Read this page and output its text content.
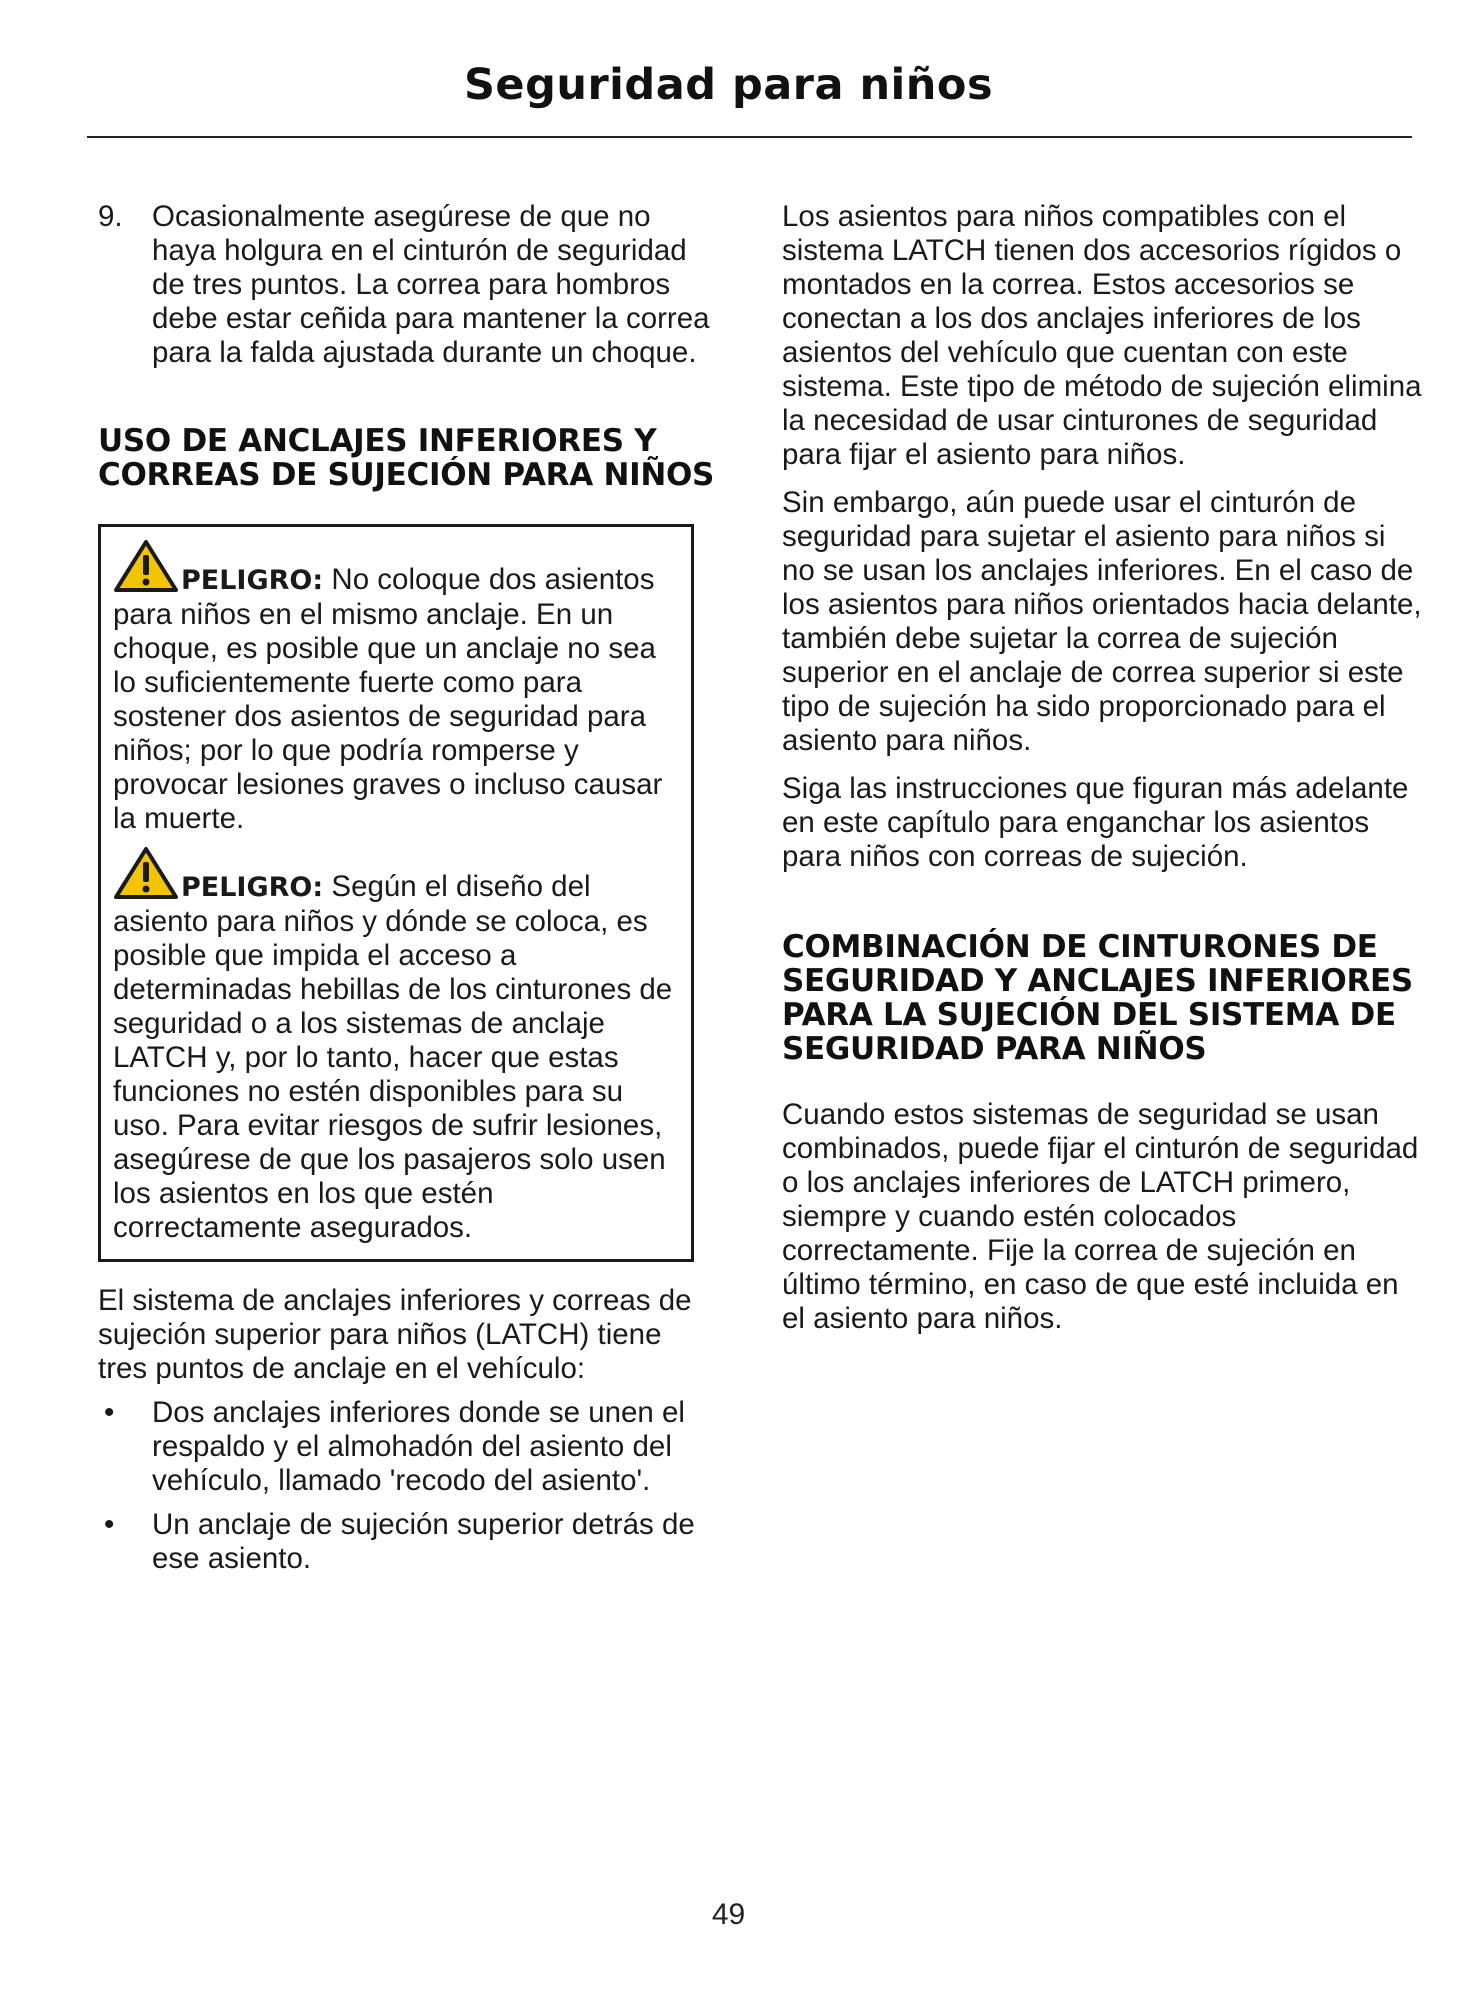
Seguridad para niños
9. Ocasionalmente asegúrese de que no haya holgura en el cinturón de seguridad de tres puntos. La correa para hombros debe estar ceñida para mantener la correa para la falda ajustada durante un choque.
USO DE ANCLAJES INFERIORES Y CORREAS DE SUJECIÓN PARA NIÑOS

PELIGRO: No coloque dos asientos para niños en el mismo anclaje. En un choque, es posible que un anclaje no sea lo suficientemente fuerte como para sostener dos asientos de seguridad para niños; por lo que podría romperse y provocar lesiones graves o incluso causar la muerte.

PELIGRO: Según el diseño del asiento para niños y dónde se coloca, es posible que impida el acceso a determinadas hebillas de los cinturones de seguridad o a los sistemas de anclaje LATCH y, por lo tanto, hacer que estas funciones no estén disponibles para su uso. Para evitar riesgos de sufrir lesiones, asegúrese de que los pasajeros solo usen los asientos en los que estén correctamente asegurados.

El sistema de anclajes inferiores y correas de sujeción superior para niños (LATCH) tiene tres puntos de anclaje en el vehículo:

• Dos anclajes inferiores donde se unen el respaldo y el almohadón del asiento del vehículo, llamado 'recodo del asiento'.
• Un anclaje de sujeción superior detrás de ese asiento.

Los asientos para niños compatibles con el sistema LATCH tienen dos accesorios rígidos o montados en la correa. Estos accesorios se conectan a los dos anclajes inferiores de los asientos del vehículo que cuentan con este sistema. Este tipo de método de sujeción elimina la necesidad de usar cinturones de seguridad para fijar el asiento para niños.

Sin embargo, aún puede usar el cinturón de seguridad para sujetar el asiento para niños si no se usan los anclajes inferiores. En el caso de los asientos para niños orientados hacia delante, también debe sujetar la correa de sujeción superior en el anclaje de correa superior si este tipo de sujeción ha sido proporcionado para el asiento para niños.

Siga las instrucciones que figuran más adelante en este capítulo para enganchar los asientos para niños con correas de sujeción.

COMBINACIÓN DE CINTURONES DE SEGURIDAD Y ANCLAJES INFERIORES PARA LA SUJECIÓN DEL SISTEMA DE SEGURIDAD PARA NIÑOS

Cuando estos sistemas de seguridad se usan combinados, puede fijar el cinturón de seguridad o los anclajes inferiores de LATCH primero, siempre y cuando estén colocados correctamente. Fije la correa de sujeción en último término, en caso de que esté incluida en el asiento para niños.

49
